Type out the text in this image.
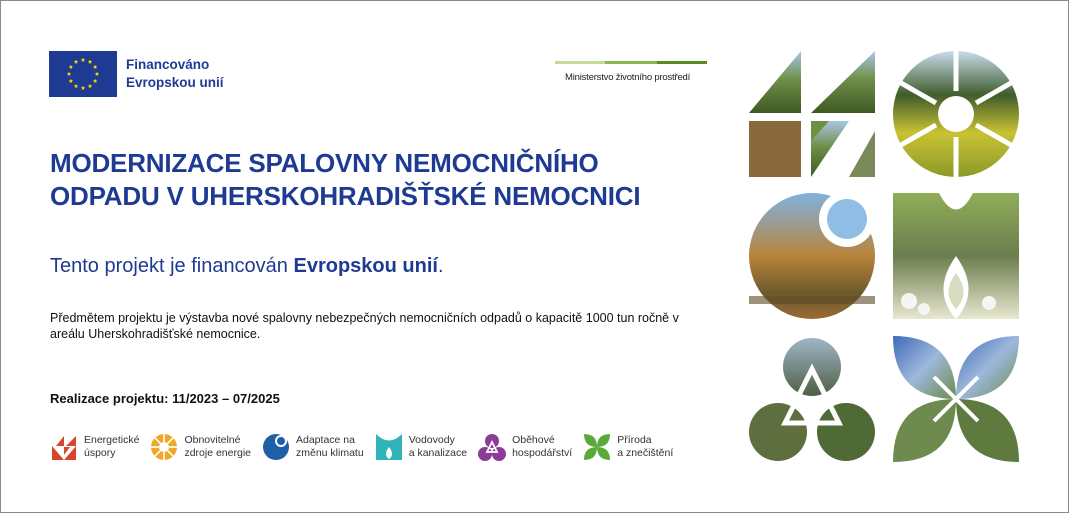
Financováno
Evropskou unií	Ministerstvo životního prostředí
MODERNIZACE SPALOVNY NEMOCNIČNÍHO
ODPADU V UHERSKOHRADIŠŤSKÉ NEMOCNICI
Tento projekt je financován Evropskou unií.
Předmětem projektu je výstavba nové spalovny nebezpečných nemocničních odpadů o kapacitě 1000 tun ročně v areálu Uherskohradišťské nemocnice.
Realizace projektu: 11/2023 – 07/2025
Energetické
úspory
Obnovitelné
zdroje energie
Adaptace na
změnu klimatu
Vodovody
a kanalizace
Oběhové
hospodářství
Příroda
a znečištění
